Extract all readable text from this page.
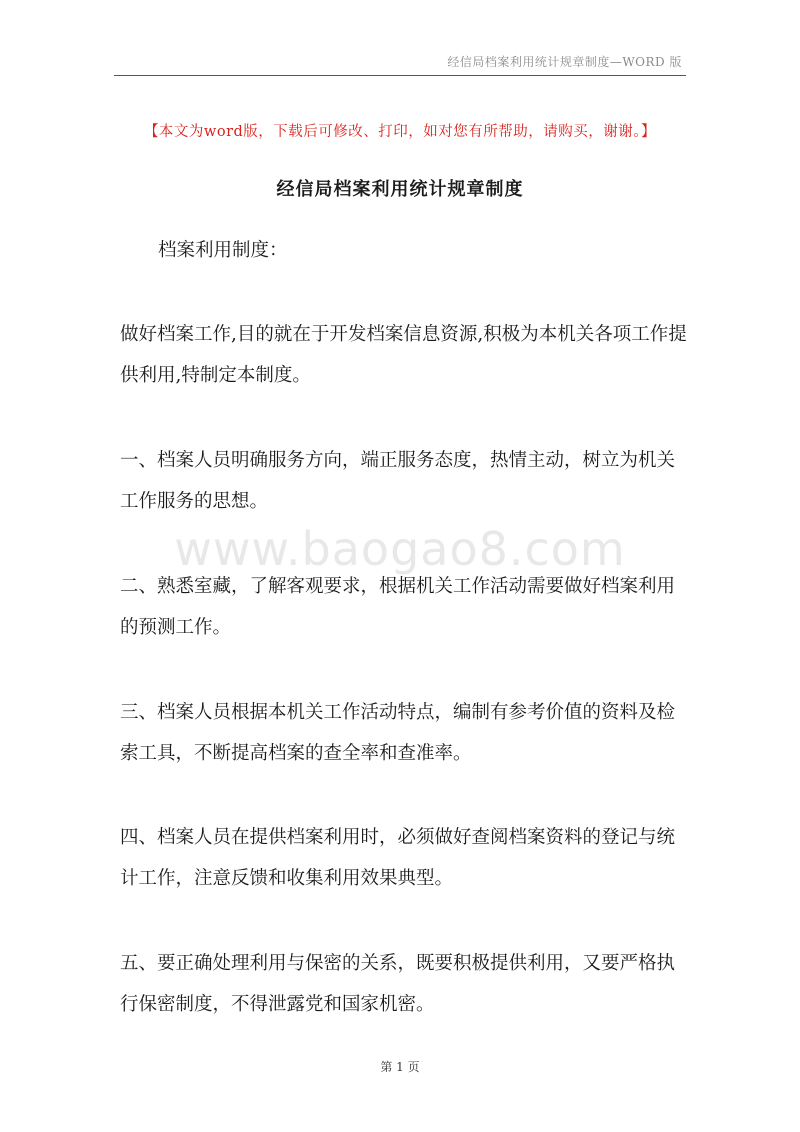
经信局档案利用统计规章制度—WORD 版
【本文为word版，下载后可修改、打印，如对您有所帮助，请购买，谢谢。】
经信局档案利用统计规章制度
档案利用制度：
做好档案工作,目的就在于开发档案信息资源,积极为本机关各项工作提供利用,特制定本制度。
一、档案人员明确服务方向，端正服务态度，热情主动，树立为机关工作服务的思想。
二、熟悉室藏，了解客观要求，根据机关工作活动需要做好档案利用的预测工作。
三、档案人员根据本机关工作活动特点，编制有参考价值的资料及检索工具，不断提高档案的查全率和查准率。
四、档案人员在提供档案利用时，必须做好查阅档案资料的登记与统计工作，注意反馈和收集利用效果典型。
五、要正确处理利用与保密的关系，既要积极提供利用，又要严格执行保密制度，不得泄露党和国家机密。
www.baogao8.com
第 1 页
